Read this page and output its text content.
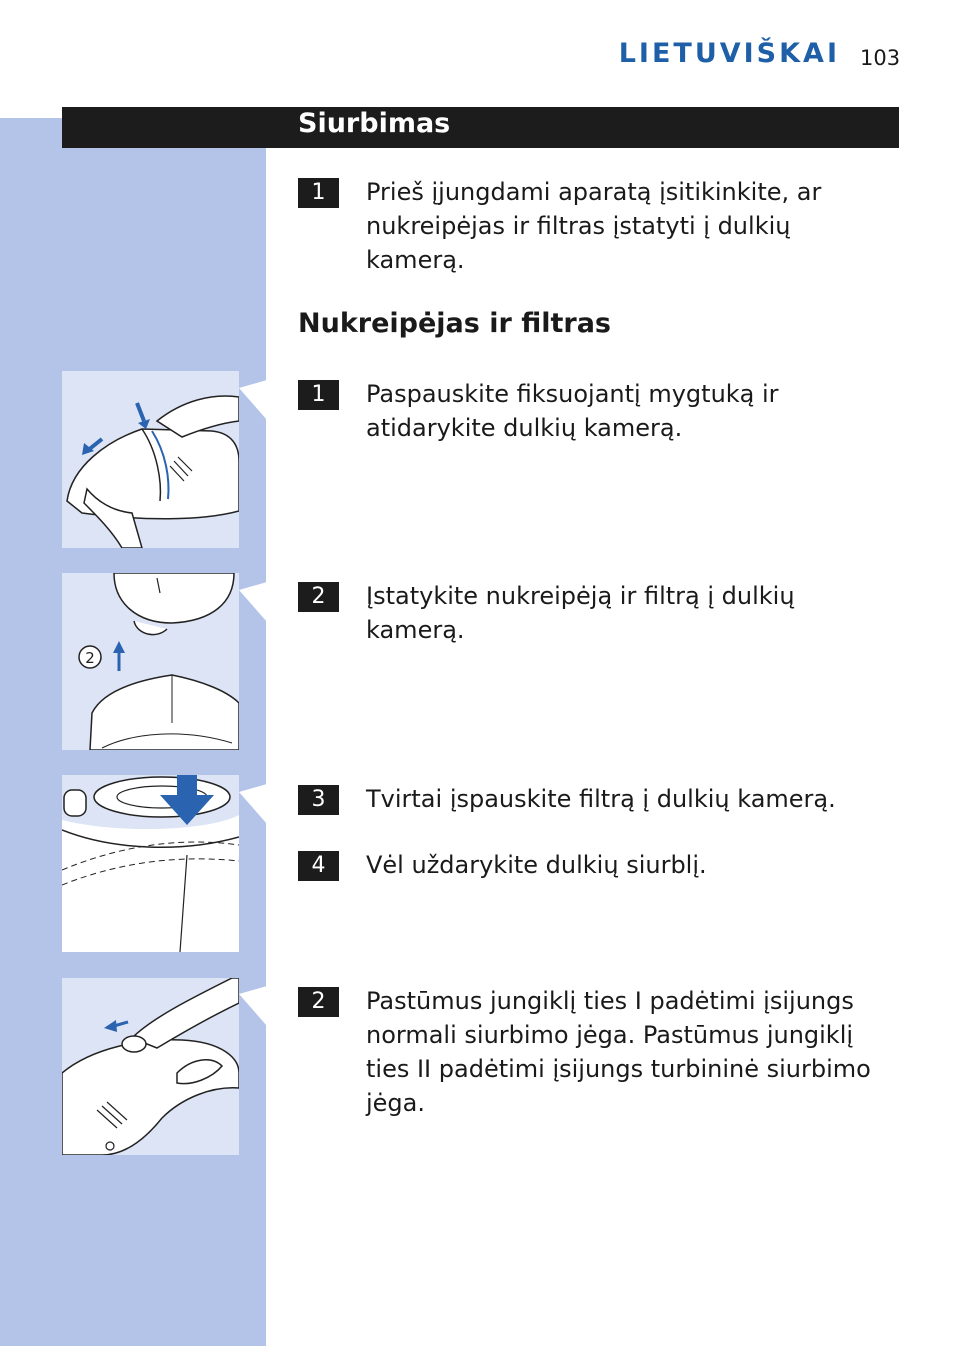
LIETUVIŠKAI 103
Siurbimas
1	Prieš įjungdami aparatą įsitikinkite, ar nukreipėjas ir filtras įstatyti į dulkių kamerą.
Nukreipėjas ir filtras
1	Paspauskite fiksuojantį mygtuką ir atidarykite dulkių kamerą.
2
2	Įstatykite nukreipėją ir filtrą į dulkių kamerą.
3	Tvirtai įspauskite filtrą į dulkių kamerą.
4	Vėl uždarykite dulkių siurblį.
2	Pastūmus jungiklį ties I padėtimi įsijungs normali siurbimo jėga. Pastūmus jungiklį ties II padėtimi įsijungs turbininė siurbimo jėga.
